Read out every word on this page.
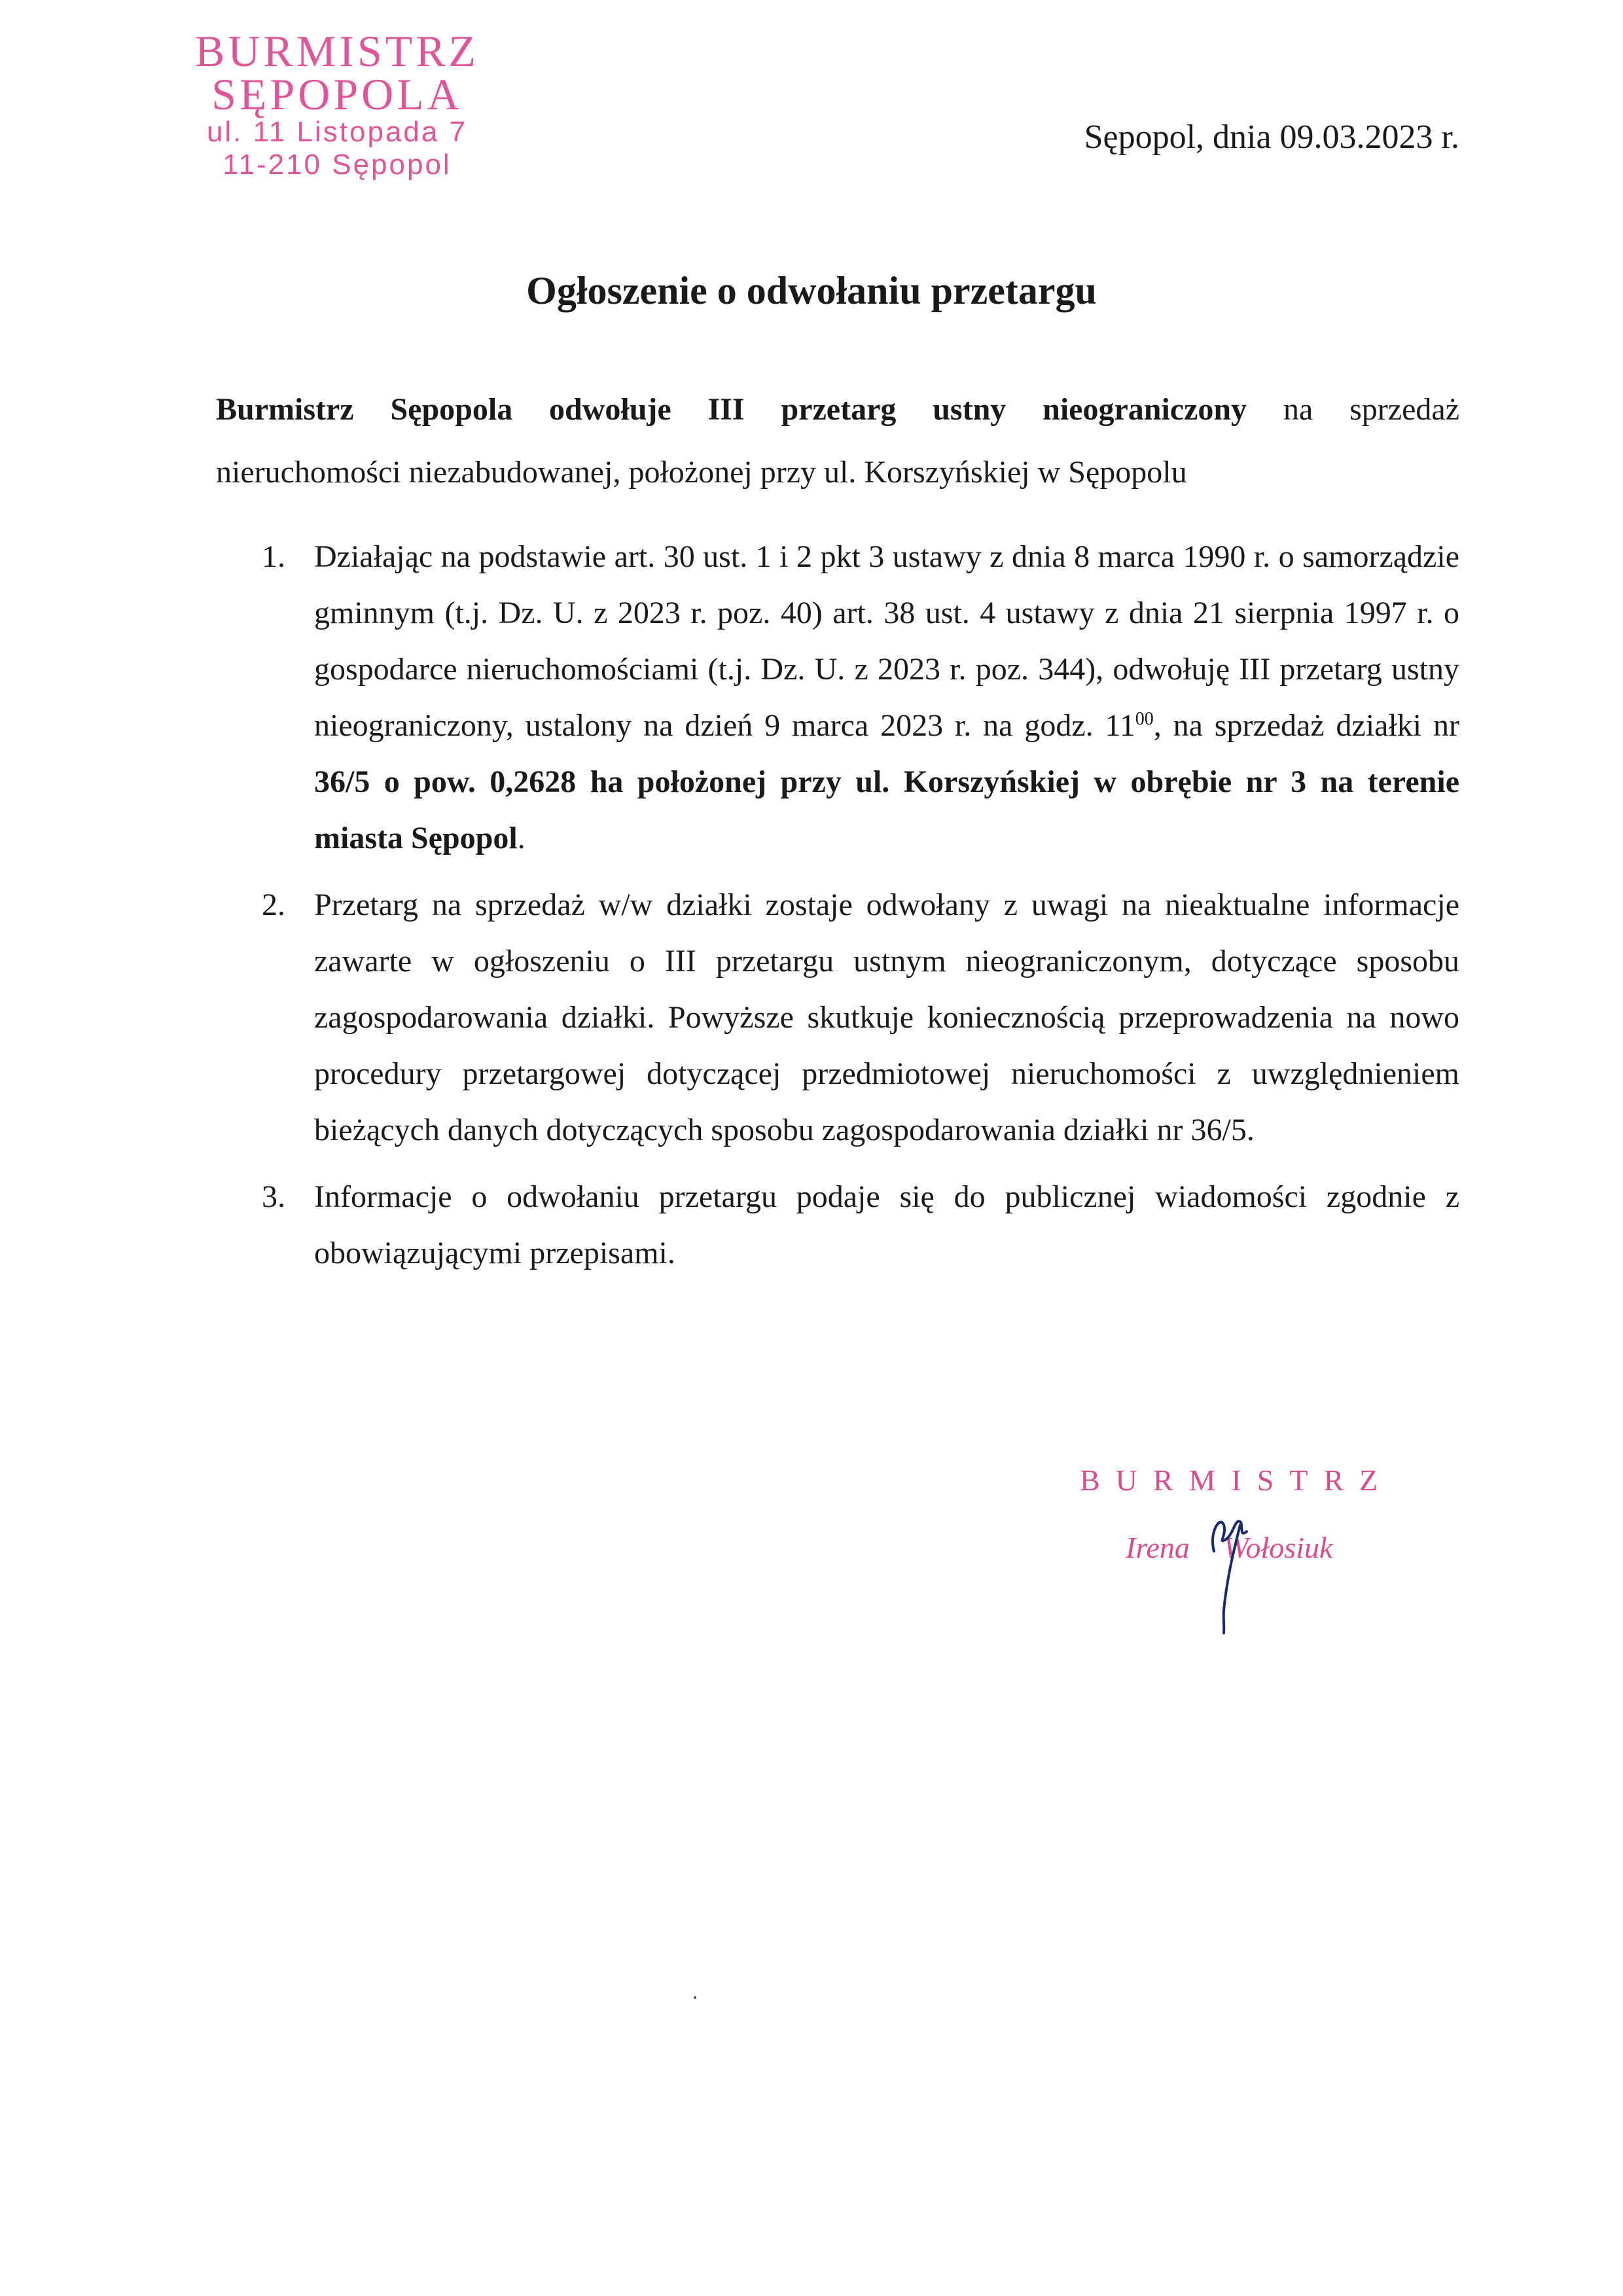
BURMISTRZ
SĘPOPOLA
ul. 11 Listopada 7
11-210 Sępopol
Sępopol, dnia 09.03.2023 r.
Ogłoszenie o odwołaniu przetargu
Burmistrz Sępopola odwołuje III przetarg ustny nieograniczony na sprzedaż
nieruchomości niezabudowanej, położonej przy ul. Korszyńskiej w Sępopolu
1. Działając na podstawie art. 30 ust. 1 i 2 pkt 3 ustawy z dnia 8 marca 1990 r. o samorządzie gminnym (t.j. Dz. U. z 2023 r. poz. 40) art. 38 ust. 4 ustawy z dnia 21 sierpnia 1997 r. o gospodarce nieruchomościami (t.j. Dz. U. z 2023 r. poz. 344), odwołuję III przetarg ustny nieograniczony, ustalony na dzień 9 marca 2023 r. na godz. $11^{00}$, na sprzedaż działki nr 36/5 o pow. 0,2628 ha położonej przy ul. Korszyńskiej w obrębie nr 3 na terenie miasta Sępopol.
2. Przetarg na sprzedaż w/w działki zostaje odwołany z uwagi na nieaktualne informacje zawarte w ogłoszeniu o III przetargu ustnym nieograniczonym, dotyczące sposobu zagospodarowania działki. Powyższe skutkuje koniecznością przeprowadzenia na nowo procedury przetargowej dotyczącej przedmiotowej nieruchomości z uwzględnieniem bieżących danych dotyczących sposobu zagospodarowania działki nr 36/5.
3. Informacje o odwołaniu przetargu podaje się do publicznej wiadomości zgodnie z obowiązującymi przepisami.
BURMISTRZ
Irena Wołosiuk
